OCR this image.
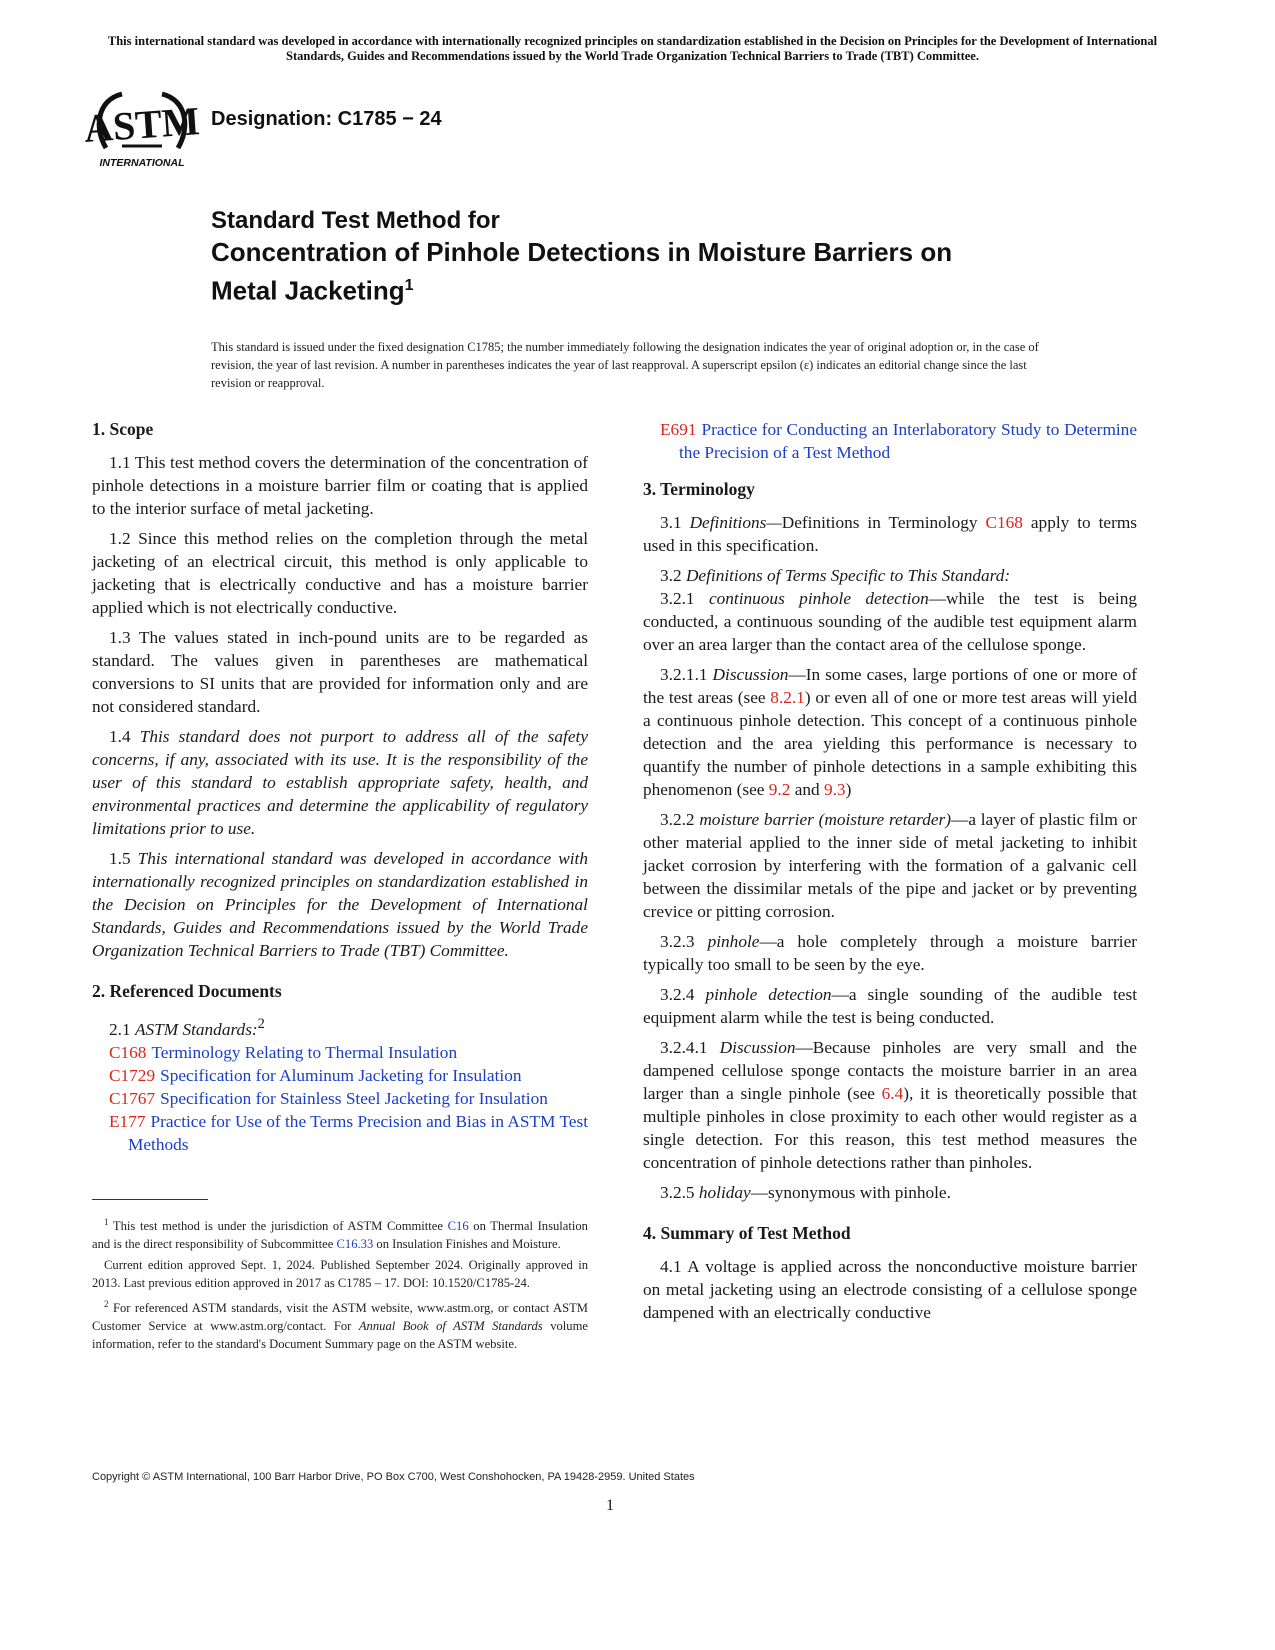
This international standard was developed in accordance with internationally recognized principles on standardization established in the Decision on Principles for the Development of International Standards, Guides and Recommendations issued by the World Trade Organization Technical Barriers to Trade (TBT) Committee.
ASTM
INTERNATIONAL
Designation: C1785 − 24
Standard Test Method for
Concentration of Pinhole Detections in Moisture Barriers on
Metal Jacketing$^1$
This standard is issued under the fixed designation C1785; the number immediately following the designation indicates the year of original adoption or, in the case of revision, the year of last revision. A number in parentheses indicates the year of last reapproval. A superscript epsilon (ε) indicates an editorial change since the last revision or reapproval.
1. Scope

1.1 This test method covers the determination of the concentration of pinhole detections in a moisture barrier film or coating that is applied to the interior surface of metal jacketing.

1.2 Since this method relies on the completion through the metal jacketing of an electrical circuit, this method is only applicable to jacketing that is electrically conductive and has a moisture barrier applied which is not electrically conductive.

1.3 The values stated in inch-pound units are to be regarded as standard. The values given in parentheses are mathematical conversions to SI units that are provided for information only and are not considered standard.

1.4 This standard does not purport to address all of the safety concerns, if any, associated with its use. It is the responsibility of the user of this standard to establish appropriate safety, health, and environmental practices and determine the applicability of regulatory limitations prior to use.

1.5 This international standard was developed in accordance with internationally recognized principles on standardization established in the Decision on Principles for the Development of International Standards, Guides and Recommendations issued by the World Trade Organization Technical Barriers to Trade (TBT) Committee.

2. Referenced Documents

2.1 ASTM Standards:$^2$

C168 Terminology Relating to Thermal Insulation
C1729 Specification for Aluminum Jacketing for Insulation
C1767 Specification for Stainless Steel Jacketing for Insulation
E177 Practice for Use of the Terms Precision and Bias in ASTM Test Methods

$^1$ This test method is under the jurisdiction of ASTM Committee C16 on Thermal Insulation and is the direct responsibility of Subcommittee C16.33 on Insulation Finishes and Moisture.

Current edition approved Sept. 1, 2024. Published September 2024. Originally approved in 2013. Last previous edition approved in 2017 as C1785 – 17. DOI: 10.1520/C1785-24.

$^2$ For referenced ASTM standards, visit the ASTM website, www.astm.org, or contact ASTM Customer Service at www.astm.org/contact. For Annual Book of ASTM Standards volume information, refer to the standard's Document Summary page on the ASTM website.

E691 Practice for Conducting an Interlaboratory Study to Determine the Precision of a Test Method
3. Terminology

3.1 Definitions—Definitions in Terminology C168 apply to terms used in this specification.

3.2 Definitions of Terms Specific to This Standard:

3.2.1 continuous pinhole detection—while the test is being conducted, a continuous sounding of the audible test equipment alarm over an area larger than the contact area of the cellulose sponge.

3.2.1.1 Discussion—In some cases, large portions of one or more of the test areas (see 8.2.1) or even all of one or more test areas will yield a continuous pinhole detection. This concept of a continuous pinhole detection and the area yielding this performance is necessary to quantify the number of pinhole detections in a sample exhibiting this phenomenon (see 9.2 and 9.3)

3.2.2 moisture barrier (moisture retarder)—a layer of plastic film or other material applied to the inner side of metal jacketing to inhibit jacket corrosion by interfering with the formation of a galvanic cell between the dissimilar metals of the pipe and jacket or by preventing crevice or pitting corrosion.

3.2.3 pinhole—a hole completely through a moisture barrier typically too small to be seen by the eye.

3.2.4 pinhole detection—a single sounding of the audible test equipment alarm while the test is being conducted.

3.2.4.1 Discussion—Because pinholes are very small and the dampened cellulose sponge contacts the moisture barrier in an area larger than a single pinhole (see 6.4), it is theoretically possible that multiple pinholes in close proximity to each other would register as a single detection. For this reason, this test method measures the concentration of pinhole detections rather than pinholes.

3.2.5 holiday—synonymous with pinhole.

4. Summary of Test Method

4.1 A voltage is applied across the nonconductive moisture barrier on metal jacketing using an electrode consisting of a cellulose sponge dampened with an electrically conductive

Copyright © ASTM International, 100 Barr Harbor Drive, PO Box C700, West Conshohocken, PA 19428-2959. United States
1
